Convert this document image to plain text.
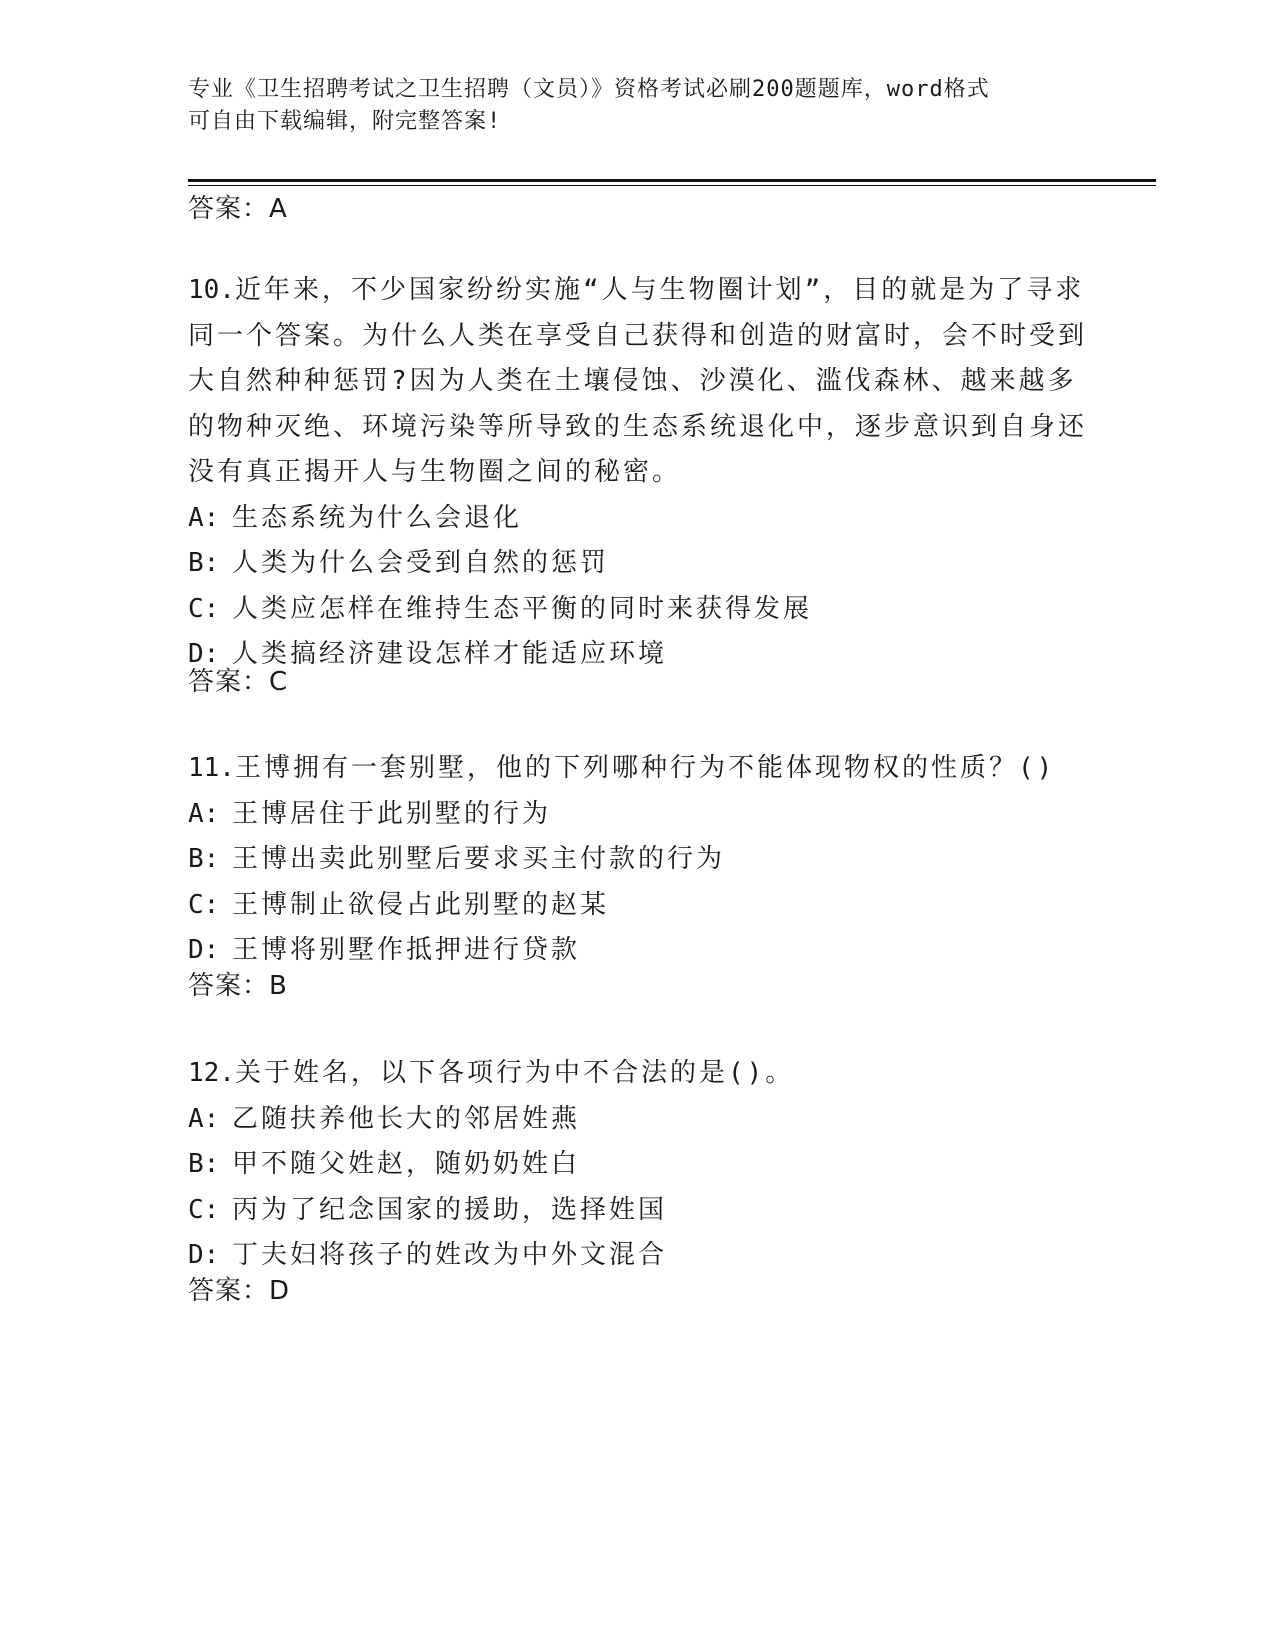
专业《卫生招聘考试之卫生招聘（文员）》资格考试必刷200题题库，word格式
可自由下载编辑，附完整答案!
答案：A
10.近年来，不少国家纷纷实施“人与生物圈计划”，目的就是为了寻求同一个答案。为什么人类在享受自己获得和创造的财富时，会不时受到大自然种种惩罚?因为人类在土壤侵蚀、沙漠化、滥伐森林、越来越多的物种灭绝、环境污染等所导致的生态系统退化中，逐步意识到自身还没有真正揭开人与生物圈之间的秘密。
A: 生态系统为什么会退化
B: 人类为什么会受到自然的惩罚
C: 人类应怎样在维持生态平衡的同时来获得发展
D: 人类搞经济建设怎样才能适应环境
答案：C
11.王博拥有一套别墅，他的下列哪种行为不能体现物权的性质？()
A: 王博居住于此别墅的行为
B: 王博出卖此别墅后要求买主付款的行为
C: 王博制止欲侵占此别墅的赵某
D: 王博将别墅作抵押进行贷款
答案：B
12.关于姓名，以下各项行为中不合法的是()。
A: 乙随扶养他长大的邻居姓燕
B: 甲不随父姓赵，随奶奶姓白
C: 丙为了纪念国家的援助，选择姓国
D: 丁夫妇将孩子的姓改为中外文混合
答案：D
